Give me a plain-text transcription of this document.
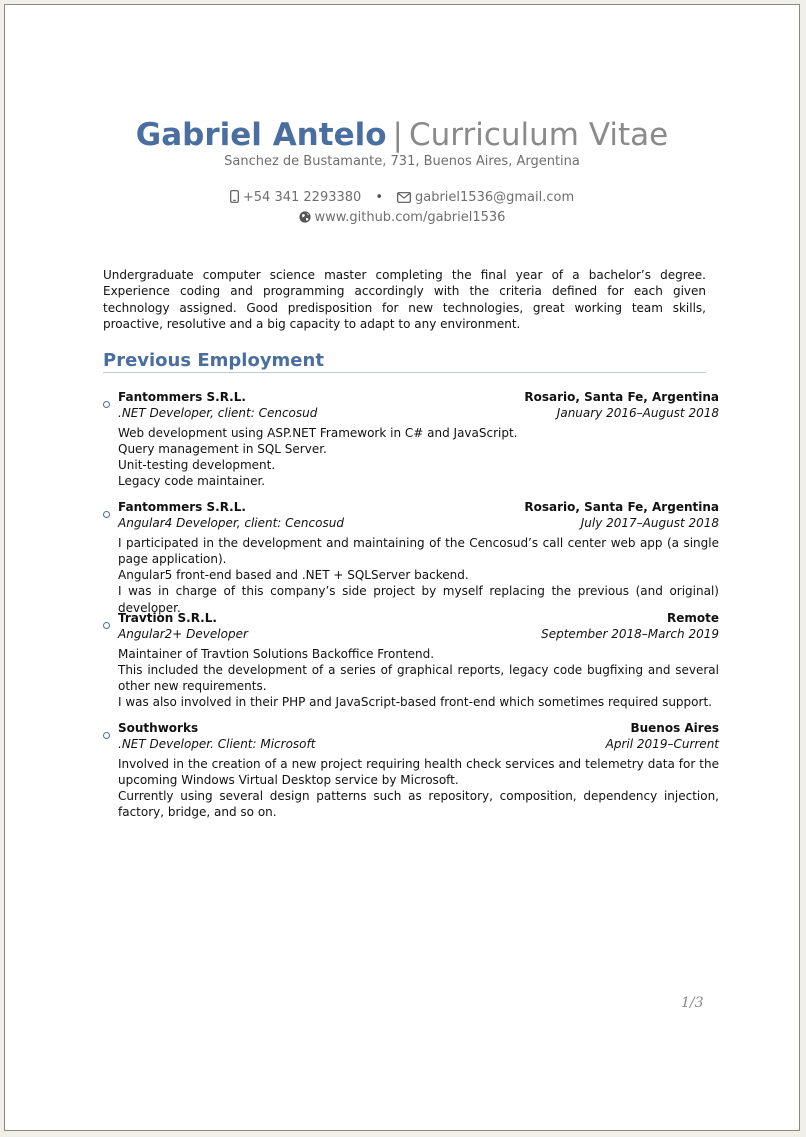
Gabriel Antelo | Curriculum Vitae
Sanchez de Bustamante, 731, Buenos Aires, Argentina
+54 341 2293380 • gabriel1536@gmail.com
www.github.com/gabriel1536
Undergraduate computer science master completing the final year of a bachelor’s degree. Experience coding and programming accordingly with the criteria defined for each given technology assigned. Good predisposition for new technologies, great working team skills, proactive, resolutive and a big capacity to adapt to any environment.
Previous Employment
Fantommers S.R.L.	Rosario, Santa Fe, Argentina
.NET Developer, client: Cencosud	January 2016–August 2018
Web development using ASP.NET Framework in C# and JavaScript.
Query management in SQL Server.
Unit-testing development.
Legacy code maintainer.
Fantommers S.R.L.	Rosario, Santa Fe, Argentina
Angular4 Developer, client: Cencosud	July 2017–August 2018
I participated in the development and maintaining of the Cencosud’s call center web app (a single page application).
Angular5 front-end based and .NET + SQLServer backend.
I was in charge of this company’s side project by myself replacing the previous (and original) developer.
Travtion S.R.L.	Remote
Angular2+ Developer	September 2018–March 2019
Maintainer of Travtion Solutions Backoffice Frontend.
This included the development of a series of graphical reports, legacy code bugfixing and several other new requirements.
I was also involved in their PHP and JavaScript-based front-end which sometimes required support.
Southworks	Buenos Aires
.NET Developer. Client: Microsoft	April 2019–Current
Involved in the creation of a new project requiring health check services and telemetry data for the upcoming Windows Virtual Desktop service by Microsoft.
Currently using several design patterns such as repository, composition, dependency injection, factory, bridge, and so on.
1/3
